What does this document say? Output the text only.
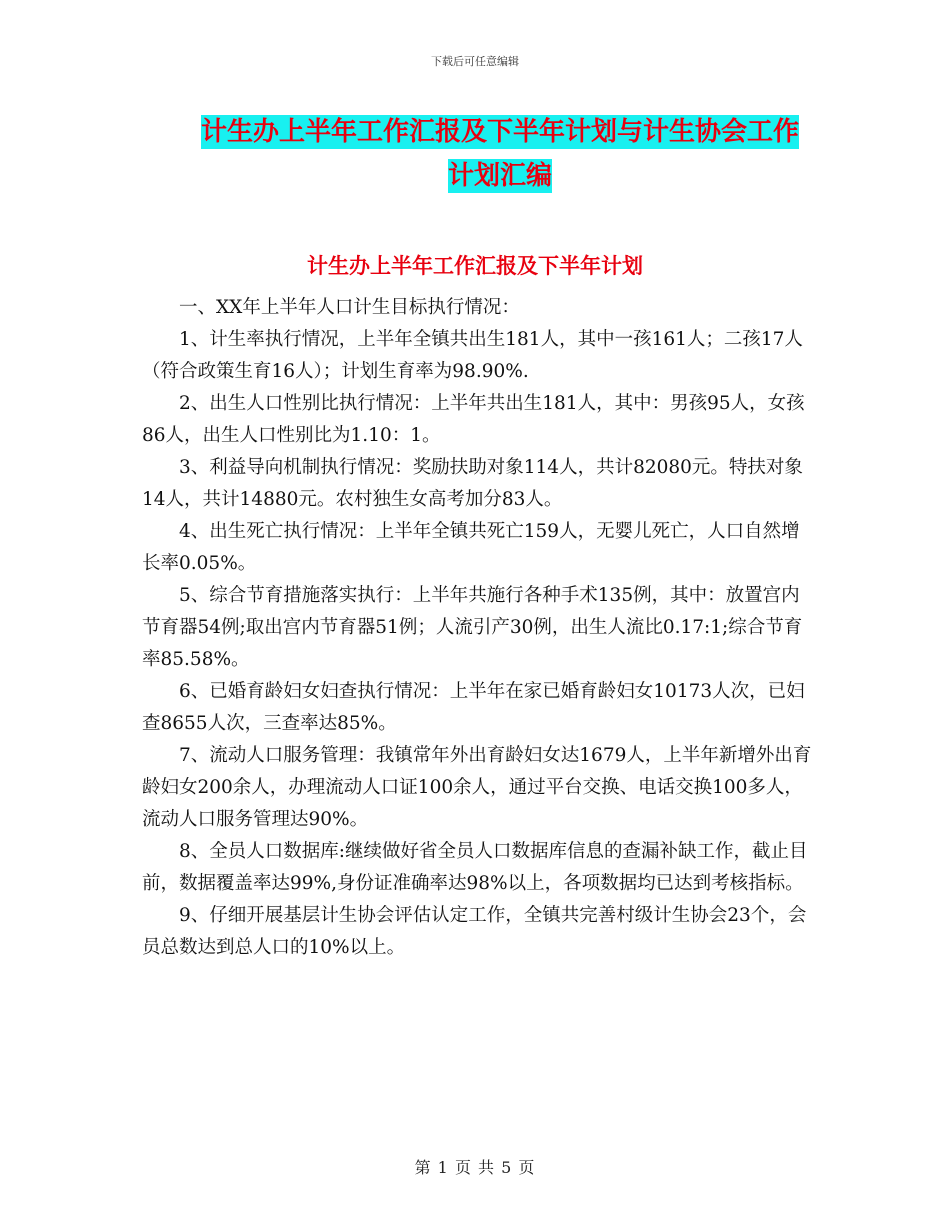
下载后可任意编辑
计生办上半年工作汇报及下半年计划与计生协会工作
计划汇编
计生办上半年工作汇报及下半年计划

一、XX年上半年人口计生目标执行情况：

1、计生率执行情况，上半年全镇共出生181人，其中一孩161人；二孩17人（符合政策生育16人）；计划生育率为98.90%.

2、出生人口性别比执行情况：上半年共出生181人，其中：男孩95人，女孩86人，出生人口性别比为1.10：1。

3、利益导向机制执行情况：奖励扶助对象114人，共计82080元。特扶对象14人，共计14880元。农村独生女高考加分83人。

4、出生死亡执行情况：上半年全镇共死亡159人，无婴儿死亡，人口自然增长率0.05%。

5、综合节育措施落实执行：上半年共施行各种手术135例，其中：放置宫内节育器54例;取出宫内节育器51例；人流引产30例，出生人流比0.17:1;综合节育率85.58%。

6、已婚育龄妇女妇查执行情况：上半年在家已婚育龄妇女10173人次，已妇查8655人次，三查率达85%。

7、流动人口服务管理：我镇常年外出育龄妇女达1679人，上半年新增外出育龄妇女200余人，办理流动人口证100余人，通过平台交换、电话交换100多人，流动人口服务管理达90%。

8、全员人口数据库:继续做好省全员人口数据库信息的查漏补缺工作，截止目前，数据覆盖率达99%,身份证准确率达98%以上，各项数据均已达到考核指标。

9、仔细开展基层计生协会评估认定工作，全镇共完善村级计生协会23个，会员总数达到总人口的10%以上。

第 1 页 共 5 页
